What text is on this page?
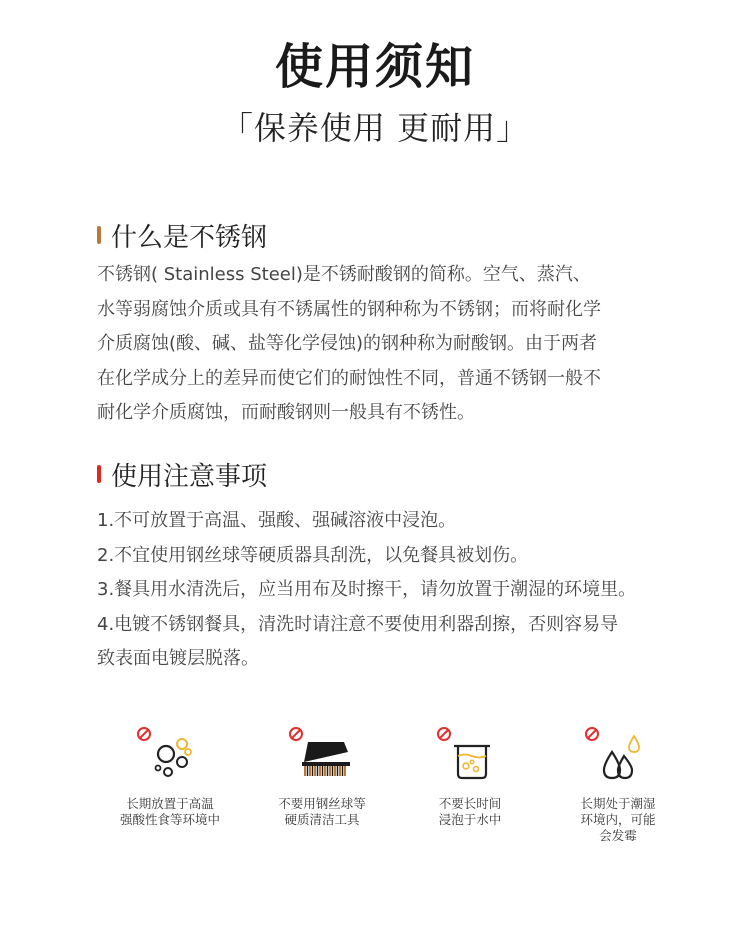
使用须知
「保养使用 更耐用」
什么是不锈钢
不锈钢( Stainless Steel)是不锈耐酸钢的简称。空气、蒸汽、
水等弱腐蚀介质或具有不锈属性的钢种称为不锈钢；而将耐化学
介质腐蚀(酸、碱、盐等化学侵蚀)的钢种称为耐酸钢。由于两者
在化学成分上的差异而使它们的耐蚀性不同，普通不锈钢一般不
耐化学介质腐蚀，而耐酸钢则一般具有不锈性。
使用注意事项
1.不可放置于高温、强酸、强碱溶液中浸泡。
2.不宜使用钢丝球等硬质器具刮洗，以免餐具被划伤。
3.餐具用水清洗后，应当用布及时擦干，请勿放置于潮湿的环境里。
4.电镀不锈钢餐具，清洗时请注意不要使用利器刮擦，否则容易导
致表面电镀层脱落。
长期放置于高温
强酸性食等环境中
不要用钢丝球等
硬质清洁工具
不要长时间
浸泡于水中
长期处于潮湿
环境内，可能
会发霉
